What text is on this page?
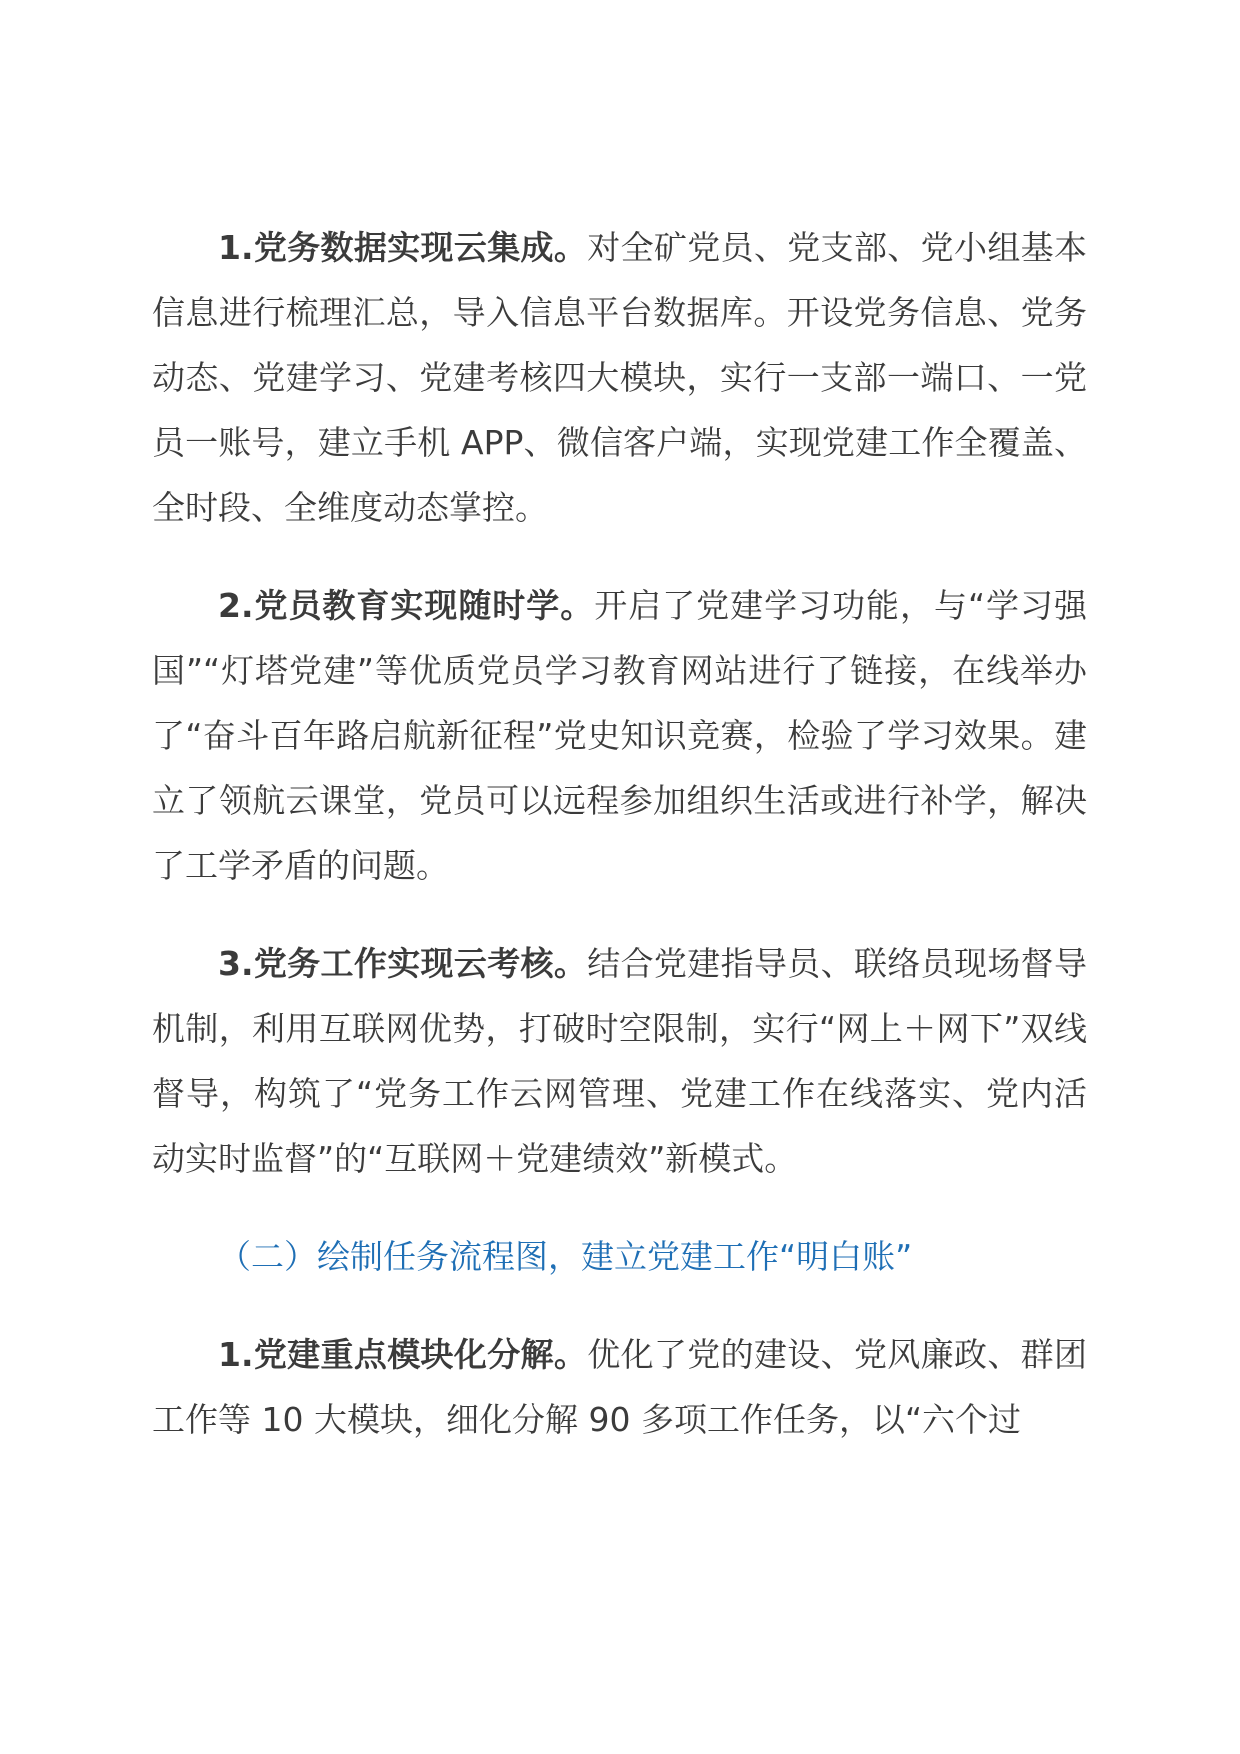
1.党务数据实现云集成。对全矿党员、党支部、党小组基本信息进行梳理汇总，导入信息平台数据库。开设党务信息、党务动态、党建学习、党建考核四大模块，实行一支部一端口、一党员一账号，建立手机 APP、微信客户端，实现党建工作全覆盖、全时段、全维度动态掌控。

2.党员教育实现随时学。开启了党建学习功能，与“学习强国”“灯塔党建”等优质党员学习教育网站进行了链接，在线举办了“奋斗百年路启航新征程”党史知识竞赛，检验了学习效果。建立了领航云课堂，党员可以远程参加组织生活或进行补学，解决了工学矛盾的问题。

3.党务工作实现云考核。结合党建指导员、联络员现场督导机制，利用互联网优势，打破时空限制，实行“网上＋网下”双线督导，构筑了“党务工作云网管理、党建工作在线落实、党内活动实时监督”的“互联网＋党建绩效”新模式。

（二）绘制任务流程图，建立党建工作“明白账”

1.党建重点模块化分解。优化了党的建设、党风廉政、群团工作等 10 大模块，细化分解 90 多项工作任务，以“六个过
